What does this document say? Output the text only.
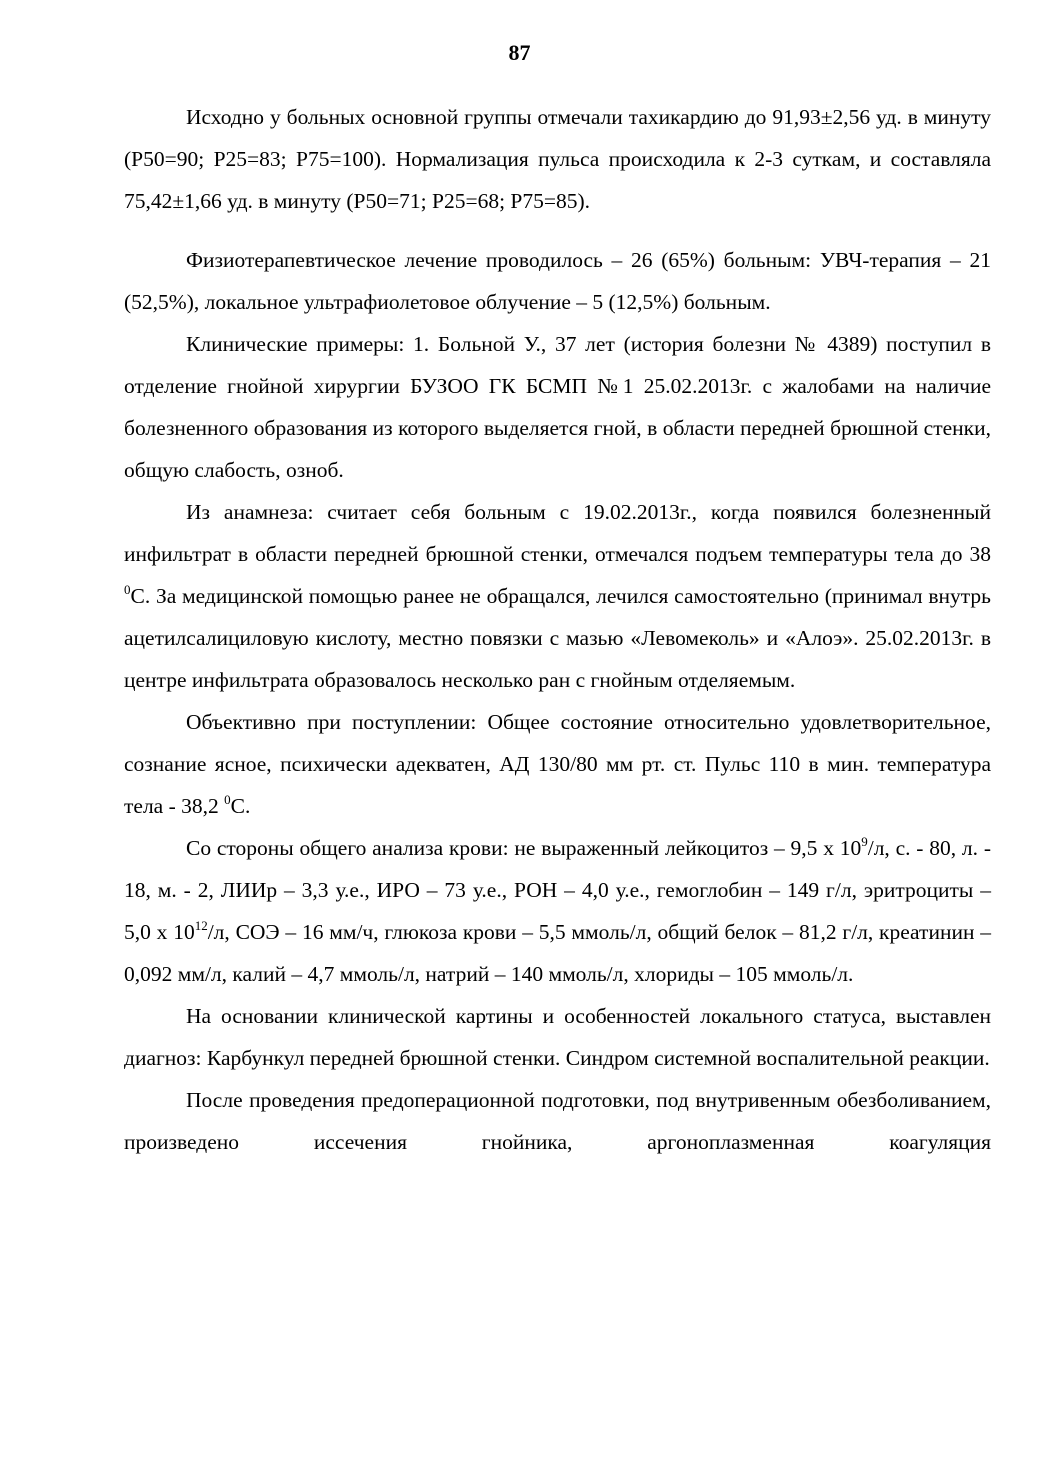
87

Исходно у больных основной группы отмечали тахикардию до 91,93±2,56 уд. в минуту (P50=90; P25=83; P75=100). Нормализация пульса происходила к 2-3 суткам, и составляла 75,42±1,66 уд. в минуту (P50=71; P25=68; P75=85).

Физиотерапевтическое лечение проводилось – 26 (65%) больным: УВЧ-терапия – 21 (52,5%), локальное ультрафиолетовое облучение – 5 (12,5%) больным.

Клинические примеры: 1. Больной У., 37 лет (история болезни № 4389) поступил в отделение гнойной хирургии БУЗОО ГК БСМП №1 25.02.2013г. с жалобами на наличие болезненного образования из которого выделяется гной, в области передней брюшной стенки, общую слабость, озноб.

Из анамнеза: считает себя больным с 19.02.2013г., когда появился болезненный инфильтрат в области передней брюшной стенки, отмечался подъем температуры тела до 38 $^0$С. За медицинской помощью ранее не обращался, лечился самостоятельно (принимал внутрь ацетилсалициловую кислоту, местно повязки с мазью «Левомеколь» и «Алоэ». 25.02.2013г. в центре инфильтрата образовалось несколько ран с гнойным отделяемым.

Объективно при поступлении: Общее состояние относительно удовлетворительное, сознание ясное, психически адекватен, АД 130/80 мм рт. ст. Пульс 110 в мин. температура тела - 38,2 $^0$С.

Со стороны общего анализа крови: не выраженный лейкоцитоз – 9,5 х $10^9/л$, с. - 80, л. - 18, м. - 2, ЛИИр – 3,3 у.е., ИРО – 73 у.е., РОН – 4,0 у.е., гемоглобин – 149 г/л, эритроциты – 5,0 х $10^{12}/л$, СОЭ – 16 мм/ч, глюкоза крови – 5,5 ммоль/л, общий белок – 81,2 г/л, креатинин – 0,092 мм/л, калий – 4,7 ммоль/л, натрий – 140 ммоль/л, хлориды – 105 ммоль/л.

На основании клинической картины и особенностей локального статуса, выставлен диагноз: Карбункул передней брюшной стенки. Синдром системной воспалительной реакции.

После проведения предоперационной подготовки, под внутривенным обезболиванием, произведено иссечения гнойника, аргоноплазменная коагуляция
